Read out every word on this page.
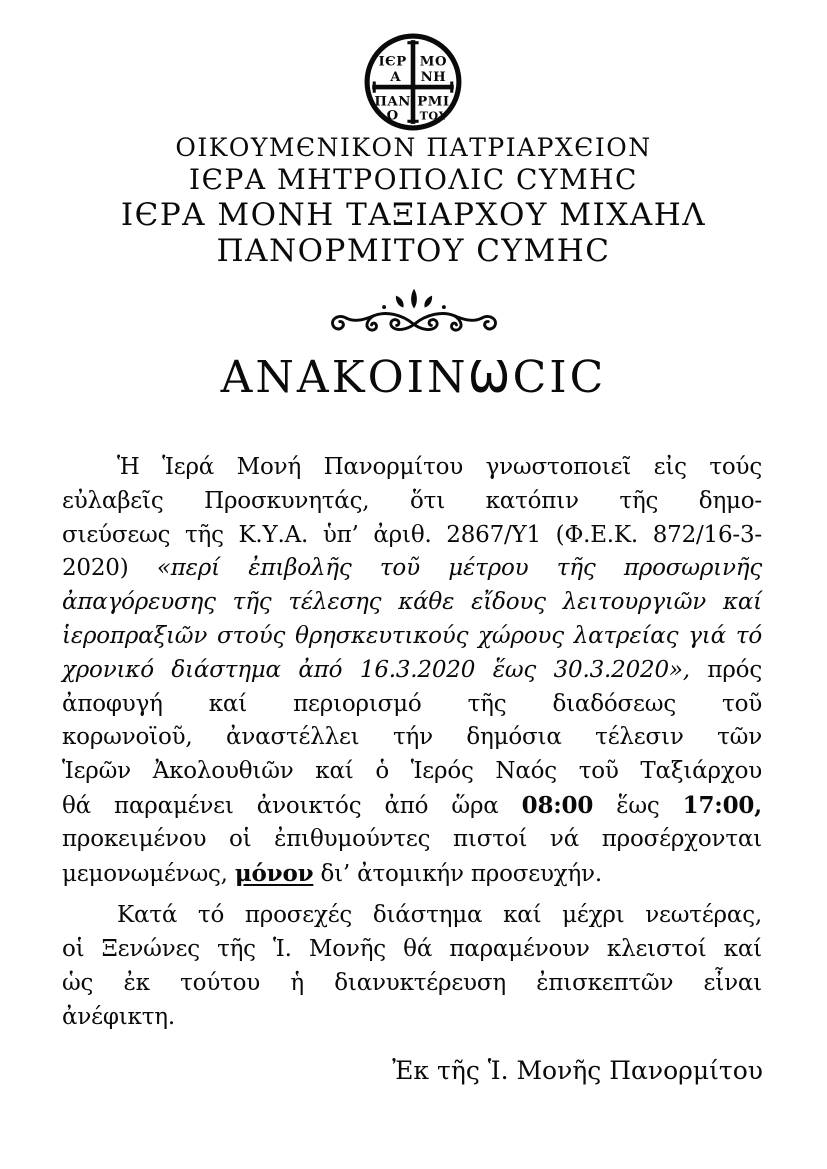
ΙЄΡ
Α
ΜΟ
ΝΗ
ΠΑΝ
Ο
ΡΜΙ
ΤΟΥ
ΟΙΚΟΥΜЄΝΙΚΟΝ ΠΑΤΡΙΑΡΧЄΙΟΝ
ΙЄΡΑ ΜΗΤΡΟΠΟΛΙϹ ϹΥΜΗϹ
ΙЄΡΑ ΜΟΝΗ ΤΑΞΙΑΡΧΟΥ ΜΙΧΑΗΛ
ΠΑΝΟΡΜΙΤΟΥ ϹΥΜΗϹ
ΑΝΑΚΟΙΝѠϹΙϹ
Ἡ Ἱερά Μονή Πανορμίτου γνωστοποιεῖ εἰς τούς
εὐλαβεῖς Προσκυνητάς, ὅτι κατόπιν τῆς δημο-
σιεύσεως τῆς Κ.Υ.Α. ὑπ’ ἀριθ. 2867/Υ1 (Φ.Ε.Κ. 872/16-3-
2020) «περί ἐπιβολῆς τοῦ μέτρου τῆς προσωρινῆς
ἀπαγόρευσης τῆς τέλεσης κάθε εἴδους λειτουργιῶν καί
ἱεροπραξιῶν στούς θρησκευτικούς χώρους λατρείας γιά τό
χρονικό διάστημα ἀπό 16.3.2020 ἕως 30.3.2020», πρός
ἀποφυγή καί περιορισμό τῆς διαδόσεως τοῦ
κορωνοϊοῦ, ἀναστέλλει τήν δημόσια τέλεσιν τῶν
Ἱερῶν Ἀκολουθιῶν καί ὁ Ἱερός Ναός τοῦ Ταξιάρχου
θά παραμένει ἀνοικτός ἀπό ὥρα 08:00 ἕως 17:00,
προκειμένου οἱ ἐπιθυμούντες πιστοί νά προσέρχονται
μεμονωμένως, μόνον δι’ ἀτομικήν προσευχήν.
Κατά τό προσεχές διάστημα καί μέχρι νεωτέρας,
οἱ Ξενώνες τῆς Ἱ. Μονῆς θά παραμένουν κλειστοί καί
ὡς ἐκ τούτου ἡ διανυκτέρευση ἐπισκεπτῶν εἶναι
ἀνέφικτη.
Ἐκ τῆς Ἱ. Μονῆς Πανορμίτου
